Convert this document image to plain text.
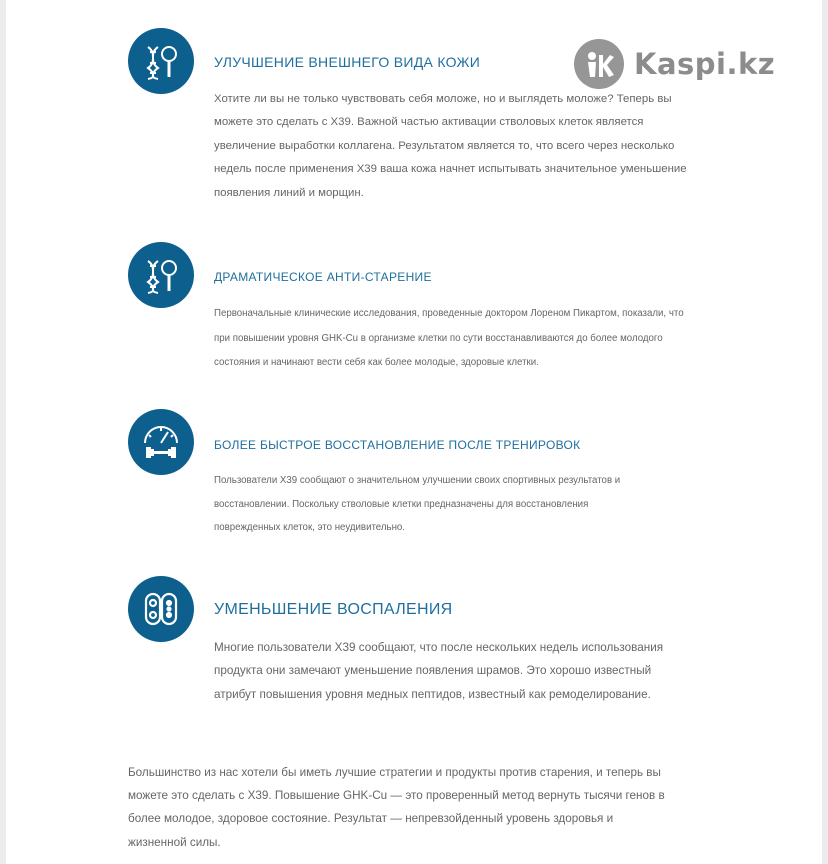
Kaspi.kz
УЛУЧШЕНИЕ ВНЕШНЕГО ВИДА КОЖИ

Хотите ли вы не только чувствовать себя моложе, но и выглядеть моложе? Теперь вы можете это сделать с X39. Важной частью активации стволовых клеток является увеличение выработки коллагена. Результатом является то, что всего через несколько недель после применения X39 ваша кожа начнет испытывать значительное уменьшение появления линий и морщин.

ДРАМАТИЧЕСКОЕ АНТИ-СТАРЕНИЕ

Первоначальные клинические исследования, проведенные доктором Лореном Пикартом, показали, что при повышении уровня GHK-Cu в организме клетки по сути восстанавливаются до более молодого состояния и начинают вести себя как более молодые, здоровые клетки.

БОЛЕЕ БЫСТРОЕ ВОССТАНОВЛЕНИЕ ПОСЛЕ ТРЕНИРОВОК

Пользователи X39 сообщают о значительном улучшении своих спортивных результатов и восстановлении. Поскольку стволовые клетки предназначены для восстановления поврежденных клеток, это неудивительно.

УМЕНЬШЕНИЕ ВОСПАЛЕНИЯ

Многие пользователи X39 сообщают, что после нескольких недель использования продукта они замечают уменьшение появления шрамов. Это хорошо известный атрибут повышения уровня медных пептидов, известный как ремоделирование.

Большинство из нас хотели бы иметь лучшие стратегии и продукты против старения, и теперь вы можете это сделать с X39. Повышение GHK-Cu — это проверенный метод вернуть тысячи генов в более молодое, здоровое состояние. Результат — непревзойденный уровень здоровья и жизненной силы.
